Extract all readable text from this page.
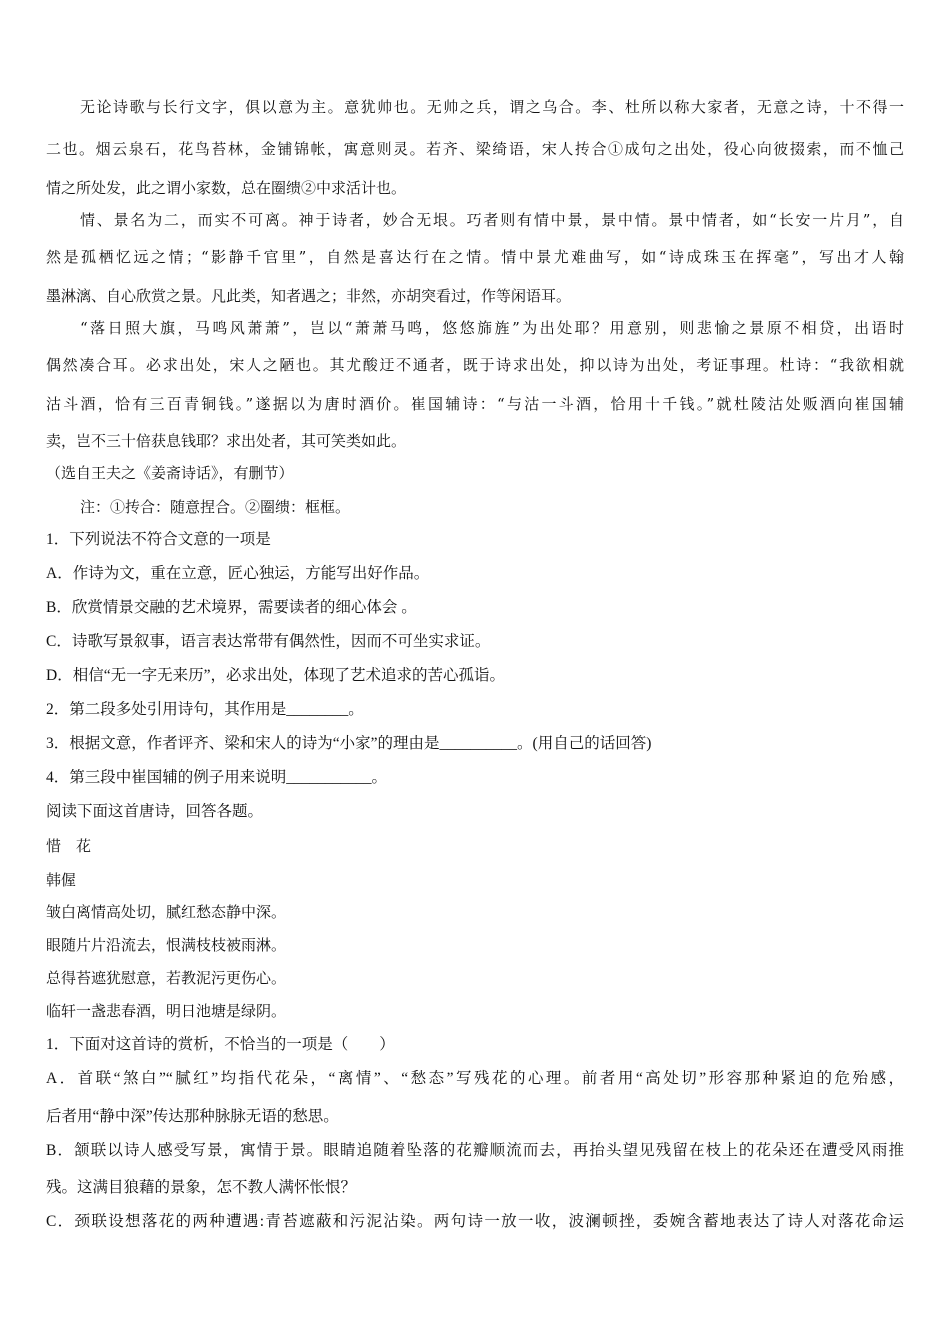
无论诗歌与长行文字，俱以意为主。意犹帅也。无帅之兵，谓之乌合。李、杜所以称大家者，无意之诗，十不得一
二也。烟云泉石，花鸟苔林，金铺锦帐，寓意则灵。若齐、梁绮语，宋人抟合①成句之出处，役心向彼掇索，而不恤己
情之所处发，此之谓小家数，总在圈缋②中求活计也。
情、景名为二，而实不可离。神于诗者，妙合无垠。巧者则有情中景，景中情。景中情者，如“长安一片月”，自
然是孤栖忆远之情；“影静千官里”，自然是喜达行在之情。情中景尤难曲写，如“诗成珠玉在挥毫”，写出才人翰
墨淋漓、自心欣赏之景。凡此类，知者遇之；非然，亦胡突看过，作等闲语耳。
“落日照大旗，马鸣风萧萧”，岂以“萧萧马鸣，悠悠旆旌”为出处耶？用意别，则悲愉之景原不相贷，出语时
偶然凑合耳。必求出处，宋人之陋也。其尤酸迂不通者，既于诗求出处，抑以诗为出处，考证事理。杜诗：“我欲相就
沽斗酒，恰有三百青铜钱。”遂据以为唐时酒价。崔国辅诗：“与沽一斗酒，恰用十千钱。”就杜陵沽处贩酒向崔国辅
卖，岂不三十倍获息钱耶？求出处者，其可笑类如此。
（选自王夫之《姜斋诗话》，有删节）
注：①抟合：随意捏合。②圈缋：框框。
1．下列说法不符合文意的一项是
A．作诗为文，重在立意，匠心独运，方能写出好作品。
B．欣赏情景交融的艺术境界，需要读者的细心体会 。
C．诗歌写景叙事，语言表达常带有偶然性，因而不可坐实求证。
D．相信“无一字无来历”，必求出处，体现了艺术追求的苦心孤诣。
2．第二段多处引用诗句，其作用是________。
3．根据文意，作者评齐、梁和宋人的诗为“小家”的理由是__________。(用自己的话回答)
4．第三段中崔国辅的例子用来说明___________。
阅读下面这首唐诗，回答各题。
惜　花
韩偓
皱白离情高处切，腻红愁态静中深。
眼随片片沿流去，恨满枝枝被雨淋。
总得苔遮犹慰意，若教泥污更伤心。
临轩一盏悲春酒，明日池塘是绿阴。
1．下面对这首诗的赏析，不恰当的一项是（　　）
A．首联“煞白”“腻红”均指代花朵，“离情”、“愁态”写残花的心理。前者用“高处切”形容那种紧迫的危殆感，
后者用“静中深”传达那种脉脉无语的愁思。
B．颔联以诗人感受写景，寓情于景。眼睛追随着坠落的花瓣顺流而去，再抬头望见残留在枝上的花朵还在遭受风雨推
残。这满目狼藉的景象，怎不教人满怀怅恨？
C．颈联设想落花的两种遭遇:青苔遮蔽和污泥沾染。两句诗一放一收，波澜顿挫，委婉含蓄地表达了诗人对落花命运
